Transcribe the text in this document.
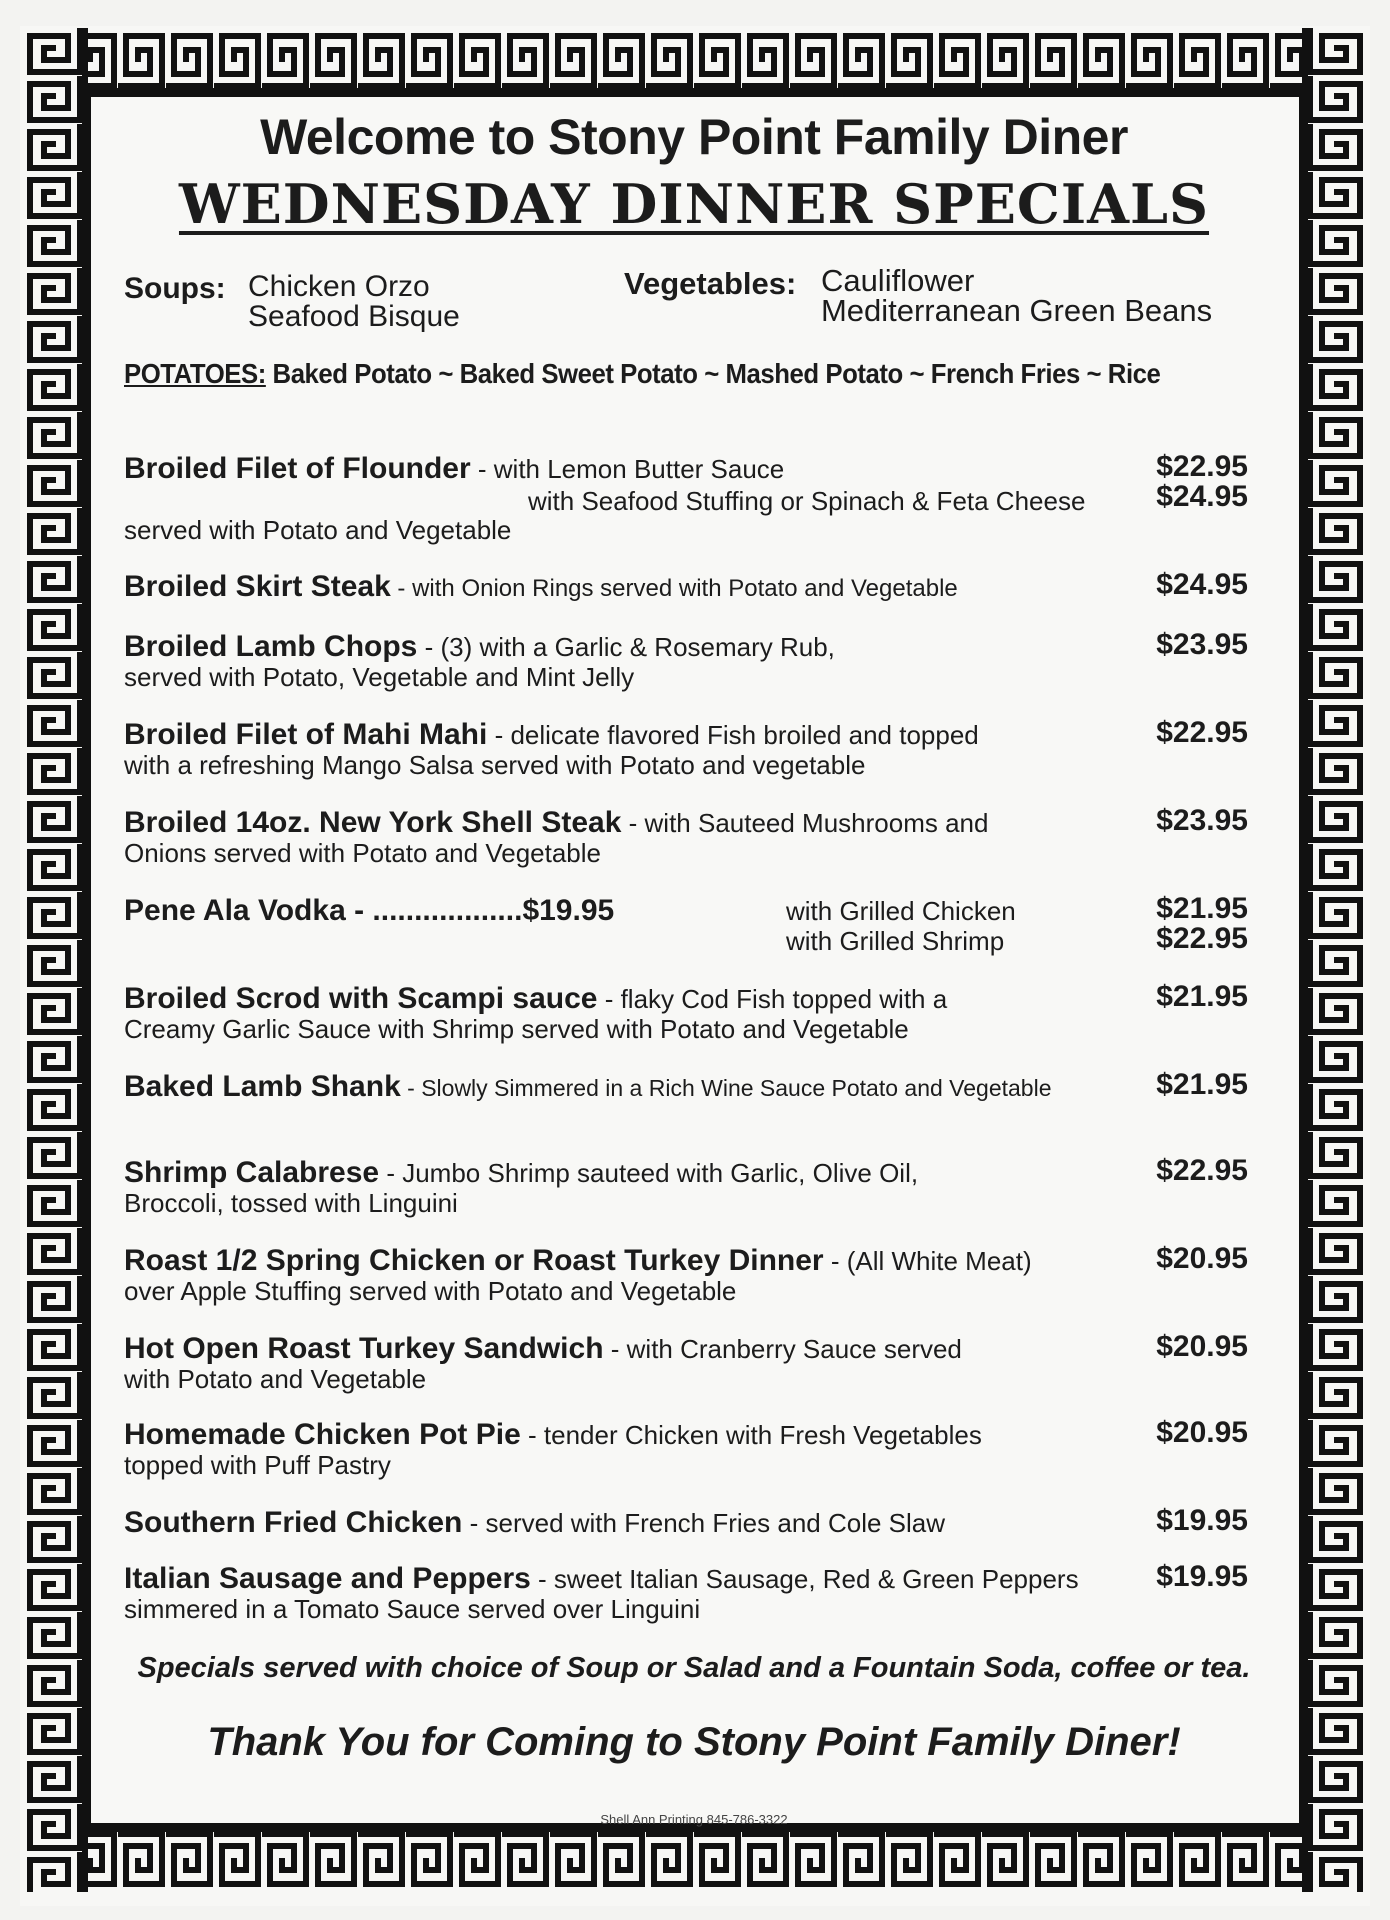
Welcome to Stony Point Family Diner
WEDNESDAY DINNER SPECIALS
Soups: Chicken Orzo
Seafood Bisque
Vegetables: Cauliflower
Mediterranean Green Beans
POTATOES: Baked Potato ~ Baked Sweet Potato ~ Mashed Potato ~ French Fries ~ Rice
Broiled Filet of Flounder - with Lemon Butter Sauce
with Seafood Stuffing or Spinach & Feta Cheese
served with Potato and Vegetable
$22.95
$24.95
Broiled Skirt Steak - with Onion Rings served with Potato and Vegetable	$24.95
Broiled Lamb Chops - (3) with a Garlic & Rosemary Rub,
served with Potato, Vegetable and Mint Jelly
$23.95
Broiled Filet of Mahi Mahi - delicate flavored Fish broiled and topped
with a refreshing Mango Salsa served with Potato and vegetable
$22.95
Broiled 14oz. New York Shell Steak - with Sauteed Mushrooms and
Onions served with Potato and Vegetable
$23.95
Pene Ala Vodka - ..................$19.95	with Grilled Chicken
with Grilled Shrimp
$21.95
$22.95
Broiled Scrod with Scampi sauce - flaky Cod Fish topped with a
Creamy Garlic Sauce with Shrimp served with Potato and Vegetable
$21.95
Baked Lamb Shank - Slowly Simmered in a Rich Wine Sauce Potato and Vegetable	$21.95
Shrimp Calabrese - Jumbo Shrimp sauteed with Garlic, Olive Oil,
Broccoli, tossed with Linguini
$22.95
Roast 1/2 Spring Chicken or Roast Turkey Dinner - (All White Meat)
over Apple Stuffing served with Potato and Vegetable
$20.95
Hot Open Roast Turkey Sandwich - with Cranberry Sauce served
with Potato and Vegetable
$20.95
Homemade Chicken Pot Pie - tender Chicken with Fresh Vegetables
topped with Puff Pastry
$20.95
Southern Fried Chicken - served with French Fries and Cole Slaw	$19.95
Italian Sausage and Peppers - sweet Italian Sausage, Red & Green Peppers
simmered in a Tomato Sauce served over Linguini
$19.95
Specials served with choice of Soup or Salad and a Fountain Soda, coffee or tea.
Thank You for Coming to Stony Point Family Diner!
Shell Ann Printing 845-786-3322
